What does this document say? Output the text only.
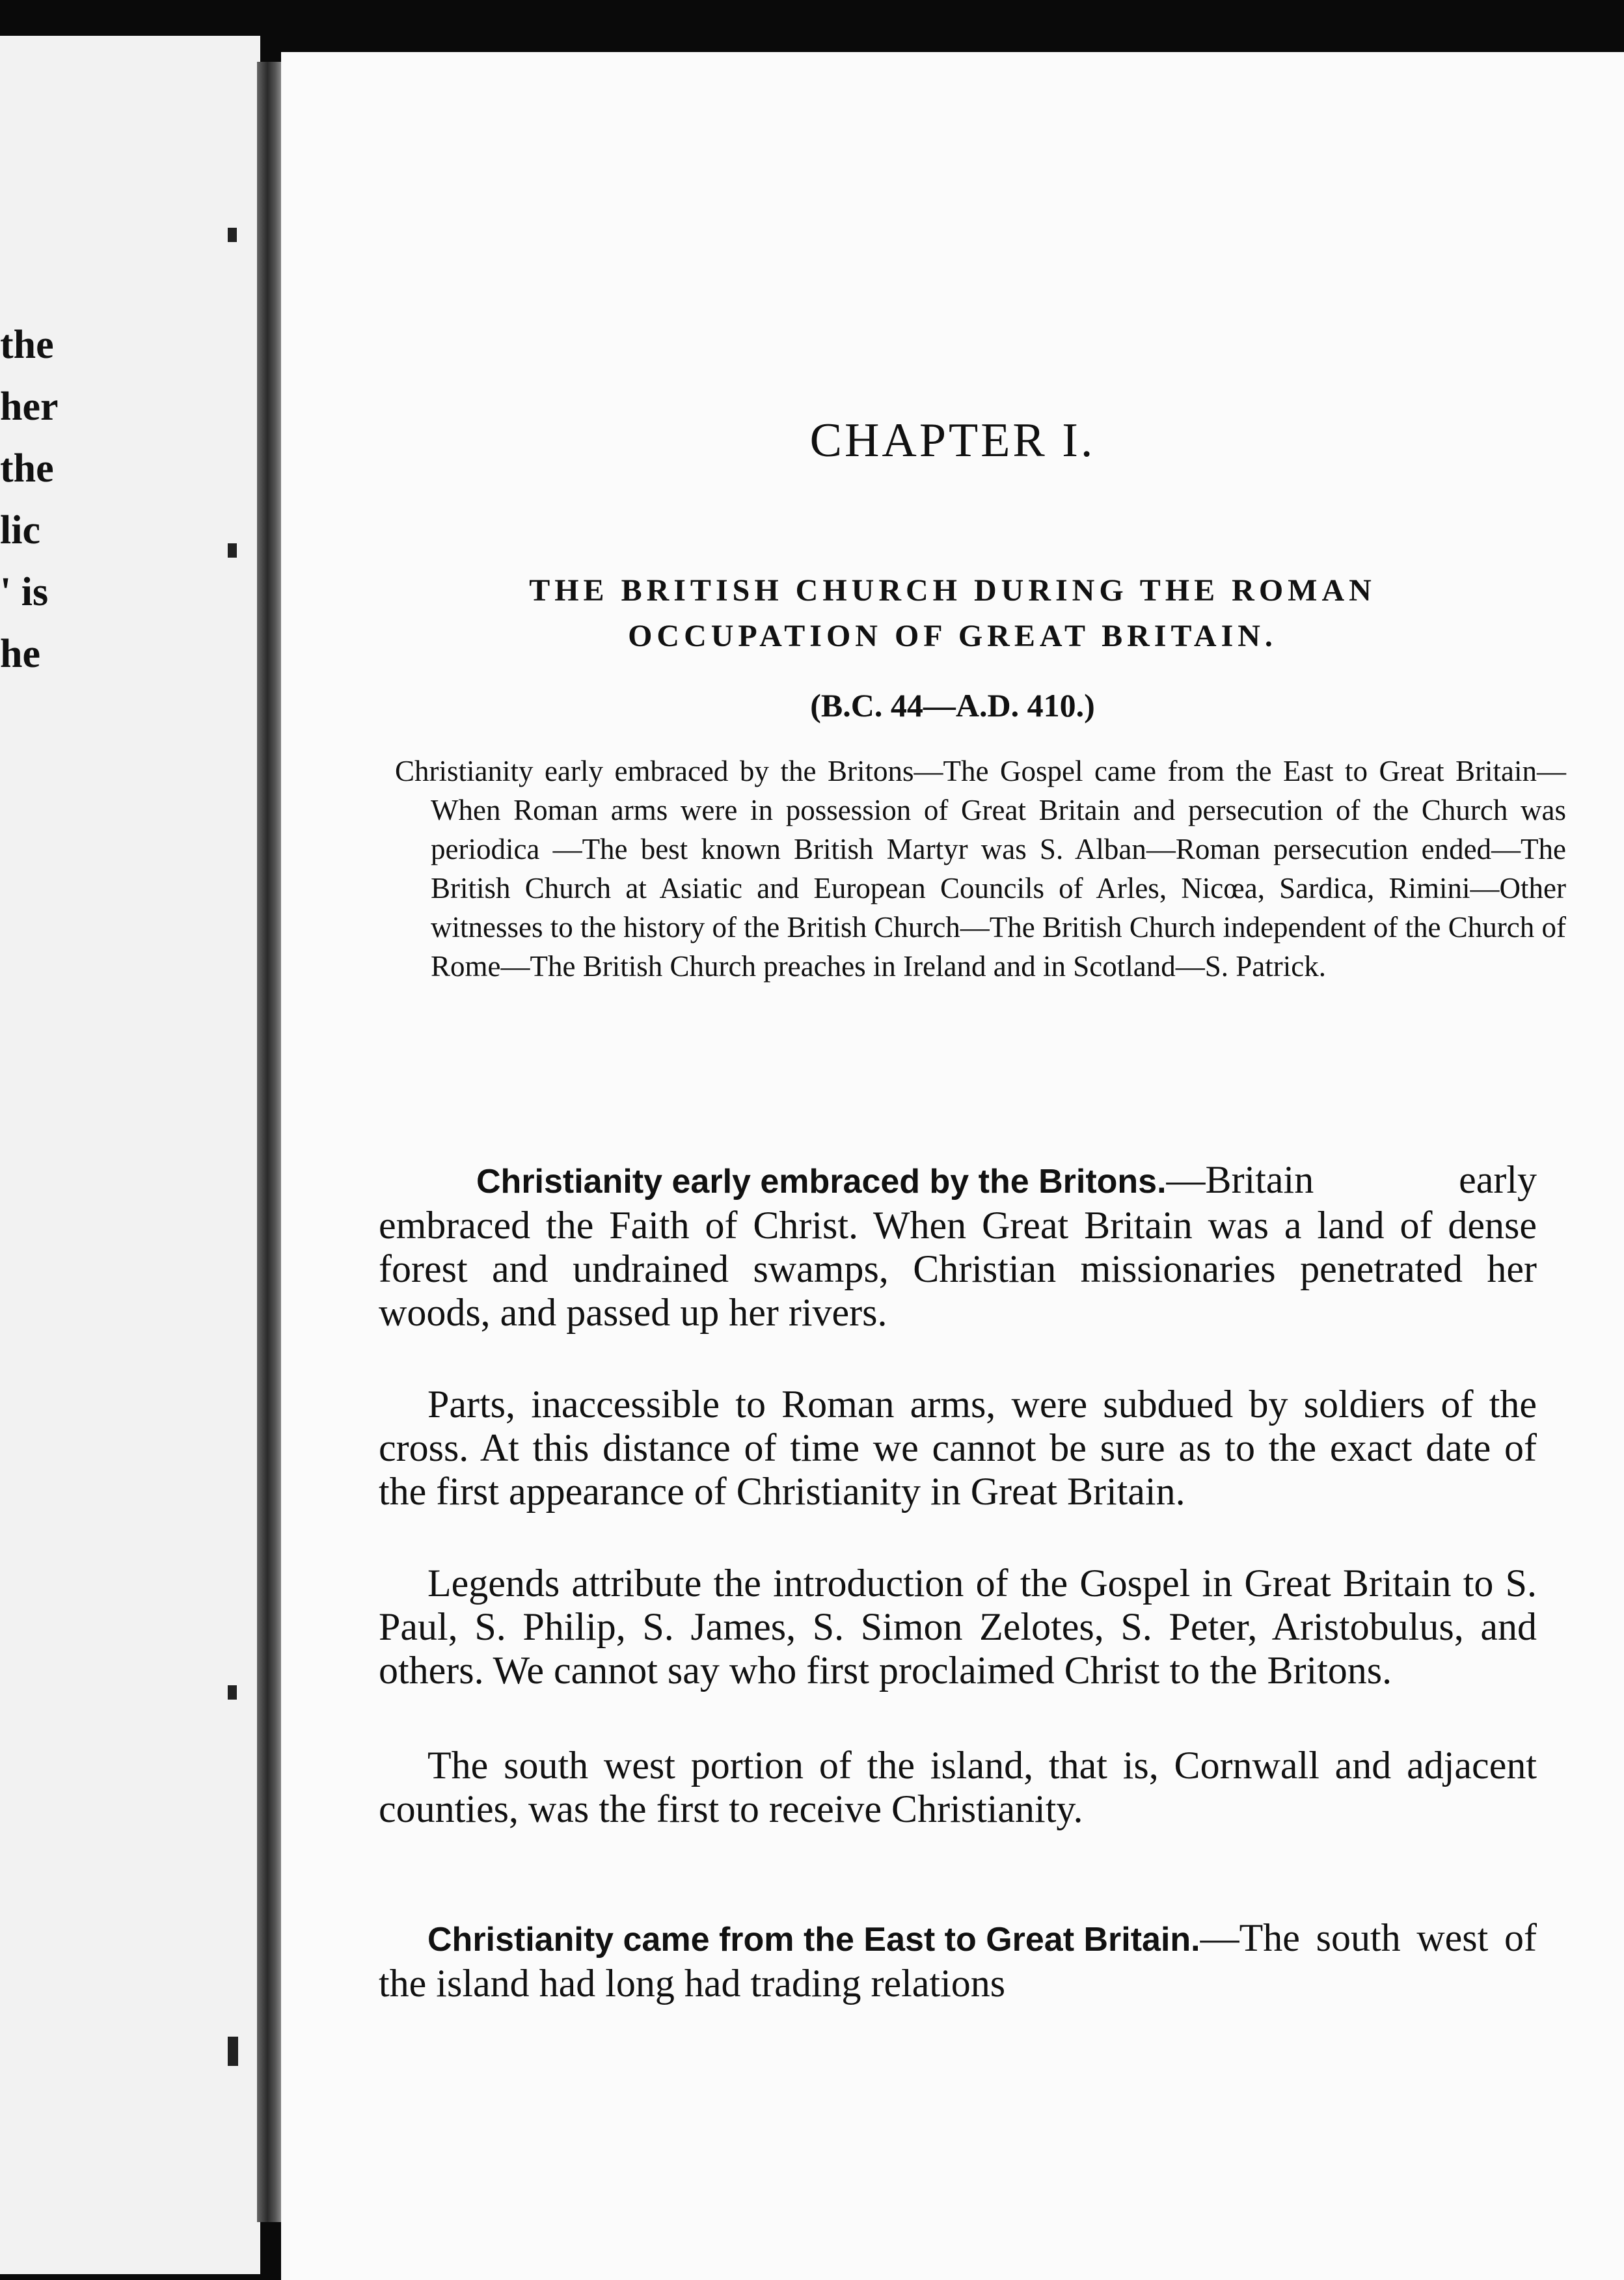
the
her
the
lic
' is
he
CHAPTER I.
THE BRITISH CHURCH DURING THE ROMAN
OCCUPATION OF GREAT BRITAIN.
(B.C. 44—A.D. 410.)

Christianity early embraced by the Britons—The Gospel came from the East to Great Britain—When Roman arms were in possession of Great Britain and persecution of the Church was periodica —The best known British Martyr was S. Alban—Roman persecution ended—The British Church at Asiatic and European Councils of Arles, Nicœa, Sardica, Rimini—Other witnesses to the history of the British Church—The British Church independent of the Church of Rome—The British Church preaches in Ireland and in Scotland—S. Patrick.

Christianity early embraced by the Britons.—Britain early embraced the Faith of Christ. When Great Britain was a land of dense forest and undrained swamps, Christian missionaries penetrated her woods, and passed up her rivers.

Parts, inaccessible to Roman arms, were subdued by soldiers of the cross. At this distance of time we cannot be sure as to the exact date of the first appearance of Christianity in Great Britain.

Legends attribute the introduction of the Gospel in Great Britain to S. Paul, S. Philip, S. James, S. Simon Zelotes, S. Peter, Aristobulus, and others. We cannot say who first proclaimed Christ to the Britons.

The south west portion of the island, that is, Cornwall and adjacent counties, was the first to receive Christianity.

Christianity came from the East to Great Britain.—The south west of the island had long had trading relations
